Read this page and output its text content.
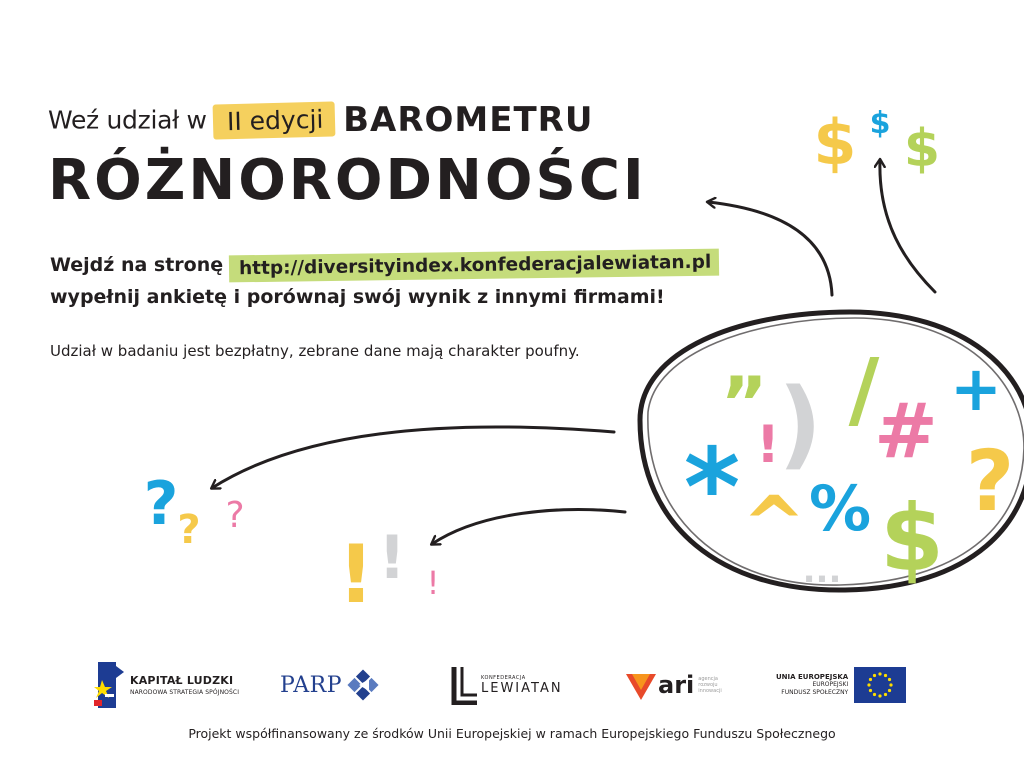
$ $ $
”
!
) /
# +
* ^ % $
?
...
?
? ?
! ! !
Weź udział w II edycji BAROMETRU
RÓŻNORODNOŚCI
Wejdź na stronę http://diversityindex.konfederacjalewiatan.pl
wypełnij ankietę i porównaj swój wynik z innymi firmami!
Udział w badaniu jest bezpłatny, zebrane dane mają charakter poufny.
KAPITAŁ LUDZKI
NARODOWA STRATEGIA SPÓJNOŚCI PARP	KONFEDERACJA
LEWIATAN	ari agencja
rozwoju
innowacji
UNIA EUROPEJSKA
EUROPEJSKI
FUNDUSZ SPOŁECZNY
Projekt współfinansowany ze środków Unii Europejskiej w ramach Europejskiego Funduszu Społecznego
